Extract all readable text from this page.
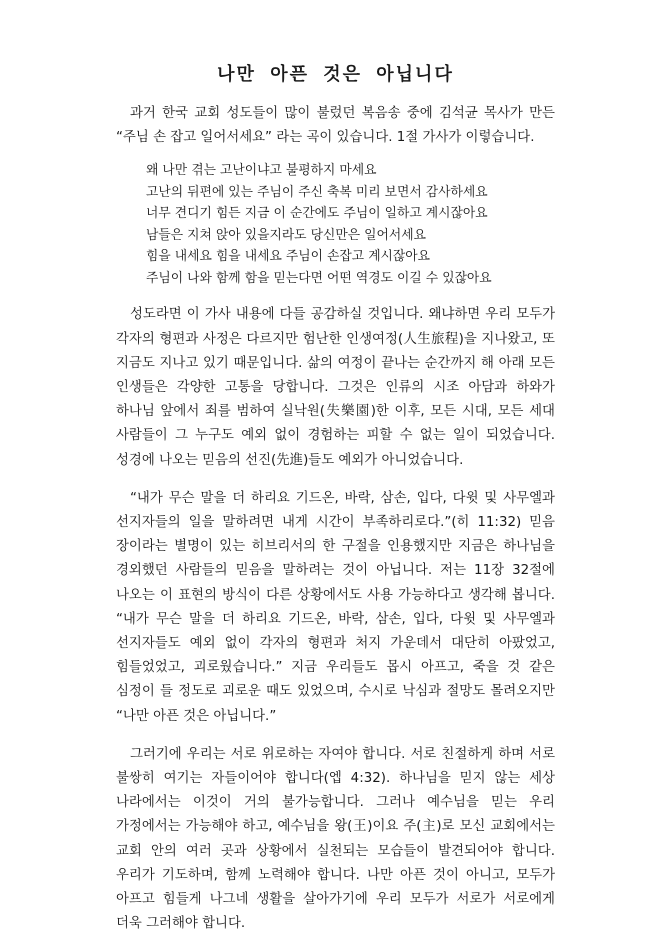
나만 아픈 것은 아닙니다

과거 한국 교회 성도들이 많이 불렀던 복음송 중에 김석균 목사가 만든 “주님 손 잡고 일어서세요” 라는 곡이 있습니다. 1절 가사가 이렇습니다.

왜 나만 겪는 고난이냐고 불평하지 마세요
고난의 뒤편에 있는 주님이 주신 축복 미리 보면서 감사하세요
너무 견디기 힘든 지금 이 순간에도 주님이 일하고 계시잖아요
남들은 지쳐 앉아 있을지라도 당신만은 일어서세요
힘을 내세요 힘을 내세요 주님이 손잡고 계시잖아요
주님이 나와 함께 함을 믿는다면 어떤 역경도 이길 수 있잖아요

성도라면 이 가사 내용에 다들 공감하실 것입니다. 왜냐하면 우리 모두가 각자의 형편과 사정은 다르지만 험난한 인생여정(人生旅程)을 지나왔고, 또 지금도 지나고 있기 때문입니다. 삶의 여정이 끝나는 순간까지 해 아래 모든 인생들은 각양한 고통을 당합니다. 그것은 인류의 시조 아담과 하와가 하나님 앞에서 죄를 범하여 실낙원(失樂園)한 이후, 모든 시대, 모든 세대 사람들이 그 누구도 예외 없이 경험하는 피할 수 없는 일이 되었습니다. 성경에 나오는 믿음의 선진(先進)들도 예외가 아니었습니다.

“내가 무슨 말을 더 하리요 기드온, 바락, 삼손, 입다, 다윗 및 사무엘과 선지자들의 일을 말하려면 내게 시간이 부족하리로다.”(히 11:32) 믿음 장이라는 별명이 있는 히브리서의 한 구절을 인용했지만 지금은 하나님을 경외했던 사람들의 믿음을 말하려는 것이 아닙니다. 저는 11장 32절에 나오는 이 표현의 방식이 다른 상황에서도 사용 가능하다고 생각해 봅니다. “내가 무슨 말을 더 하리요 기드온, 바락, 삼손, 입다, 다윗 및 사무엘과 선지자들도 예외 없이 각자의 형편과 처지 가운데서 대단히 아팠었고, 힘들었었고, 괴로웠습니다.” 지금 우리들도 몹시 아프고, 죽을 것 같은 심정이 들 정도로 괴로운 때도 있었으며, 수시로 낙심과 절망도 몰려오지만 “나만 아픈 것은 아닙니다.”

그러기에 우리는 서로 위로하는 자여야 합니다. 서로 친절하게 하며 서로 불쌍히 여기는 자들이어야 합니다(엡 4:32). 하나님을 믿지 않는 세상 나라에서는 이것이 거의 불가능합니다. 그러나 예수님을 믿는 우리 가정에서는 가능해야 하고, 예수님을 왕(王)이요 주(主)로 모신 교회에서는 교회 안의 여러 곳과 상황에서 실천되는 모습들이 발견되어야 합니다. 우리가 기도하며, 함께 노력해야 합니다. 나만 아픈 것이 아니고, 모두가 아프고 힘들게 나그네 생활을 살아가기에 우리 모두가 서로가 서로에게 더욱 그러해야 합니다.
